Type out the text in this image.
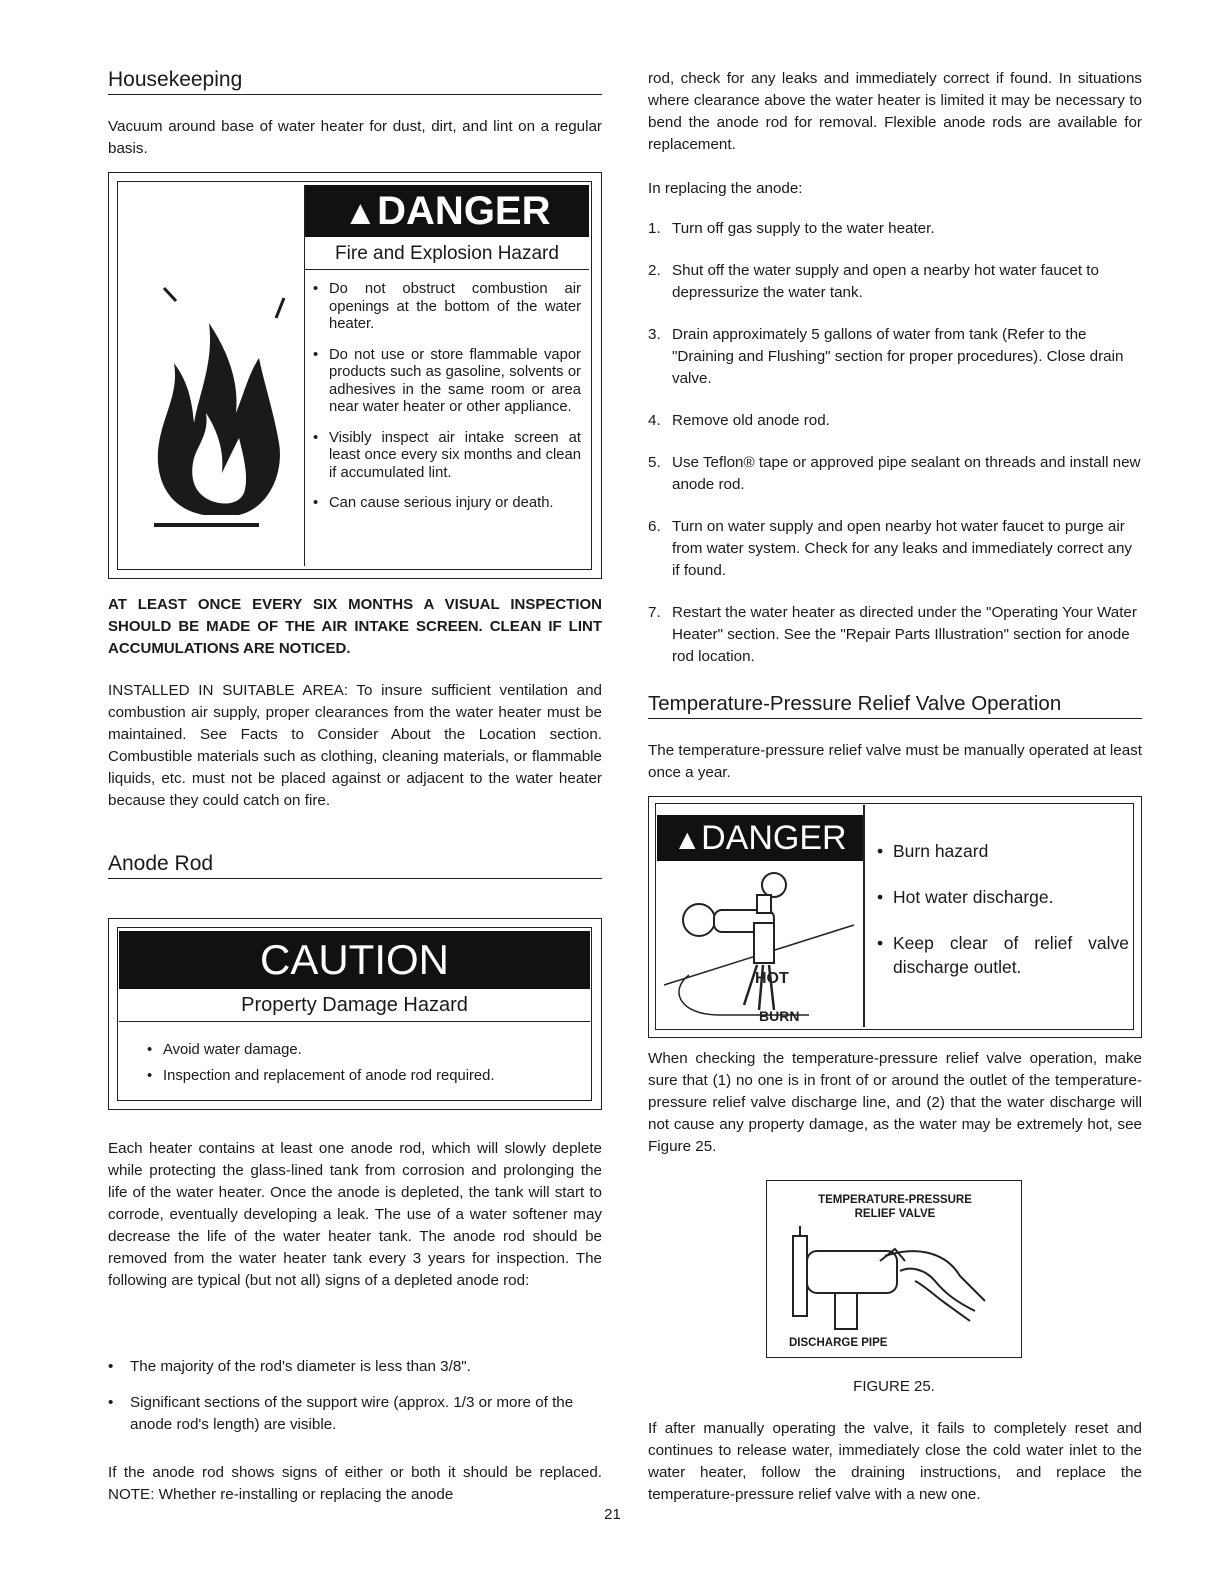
Housekeeping

Vacuum around base of water heater for dust, dirt, and lint on a regular basis.

▲DANGER
Fire and Explosion Hazard
• Do not obstruct combustion air openings at the bottom of the water heater.
• Do not use or store flammable vapor products such as gasoline, solvents or adhesives in the same room or area near water heater or other appliance.
• Visibly inspect air intake screen at least once every six months and clean if accumulated lint.
• Can cause serious injury or death.

AT LEAST ONCE EVERY SIX MONTHS A VISUAL INSPECTION SHOULD BE MADE OF THE AIR INTAKE SCREEN. CLEAN IF LINT ACCUMULATIONS ARE NOTICED.

INSTALLED IN SUITABLE AREA: To insure sufficient ventilation and combustion air supply, proper clearances from the water heater must be maintained. See Facts to Consider About the Location section. Combustible materials such as clothing, cleaning materials, or flammable liquids, etc. must not be placed against or adjacent to the water heater because they could catch on fire.

Anode Rod
CAUTION
Property Damage Hazard
• Avoid water damage.
• Inspection and replacement of anode rod required.

Each heater contains at least one anode rod, which will slowly deplete while protecting the glass-lined tank from corrosion and prolonging the life of the water heater. Once the anode is depleted, the tank will start to corrode, eventually developing a leak. The use of a water softener may decrease the life of the water heater tank. The anode rod should be removed from the water heater tank every 3 years for inspection. The following are typical (but not all) signs of a depleted anode rod:

• The majority of the rod's diameter is less than 3/8".
• Significant sections of the support wire (approx. 1/3 or more of the anode rod's length) are visible.

If the anode rod shows signs of either or both it should be replaced. NOTE: Whether re-installing or replacing the anode

rod, check for any leaks and immediately correct if found. In situations where clearance above the water heater is limited it may be necessary to bend the anode rod for removal. Flexible anode rods are available for replacement.

In replacing the anode:

1. Turn off gas supply to the water heater.
2. Shut off the water supply and open a nearby hot water faucet to depressurize the water tank.
3. Drain approximately 5 gallons of water from tank (Refer to the "Draining and Flushing" section for proper procedures). Close drain valve.
4. Remove old anode rod.
5. Use Teflon® tape or approved pipe sealant on threads and install new anode rod.
6. Turn on water supply and open nearby hot water faucet to purge air from water system. Check for any leaks and immediately correct any if found.
7. Restart the water heater as directed under the "Operating Your Water Heater" section. See the "Repair Parts Illustration" section for anode rod location.
Temperature-Pressure Relief Valve Operation

The temperature-pressure relief valve must be manually operated at least once a year.

▲DANGER
HOT
BURN
• Burn hazard
• Hot water discharge.
• Keep clear of relief valve discharge outlet.

When checking the temperature-pressure relief valve operation, make sure that (1) no one is in front of or around the outlet of the temperature-pressure relief valve discharge line, and (2) that the water discharge will not cause any property damage, as the water may be extremely hot, see Figure 25.

TEMPERATURE-PRESSURE
RELIEF VALVE
DISCHARGE PIPE
FIGURE 25.

If after manually operating the valve, it fails to completely reset and continues to release water, immediately close the cold water inlet to the water heater, follow the draining instructions, and replace the temperature-pressure relief valve with a new one.

21
